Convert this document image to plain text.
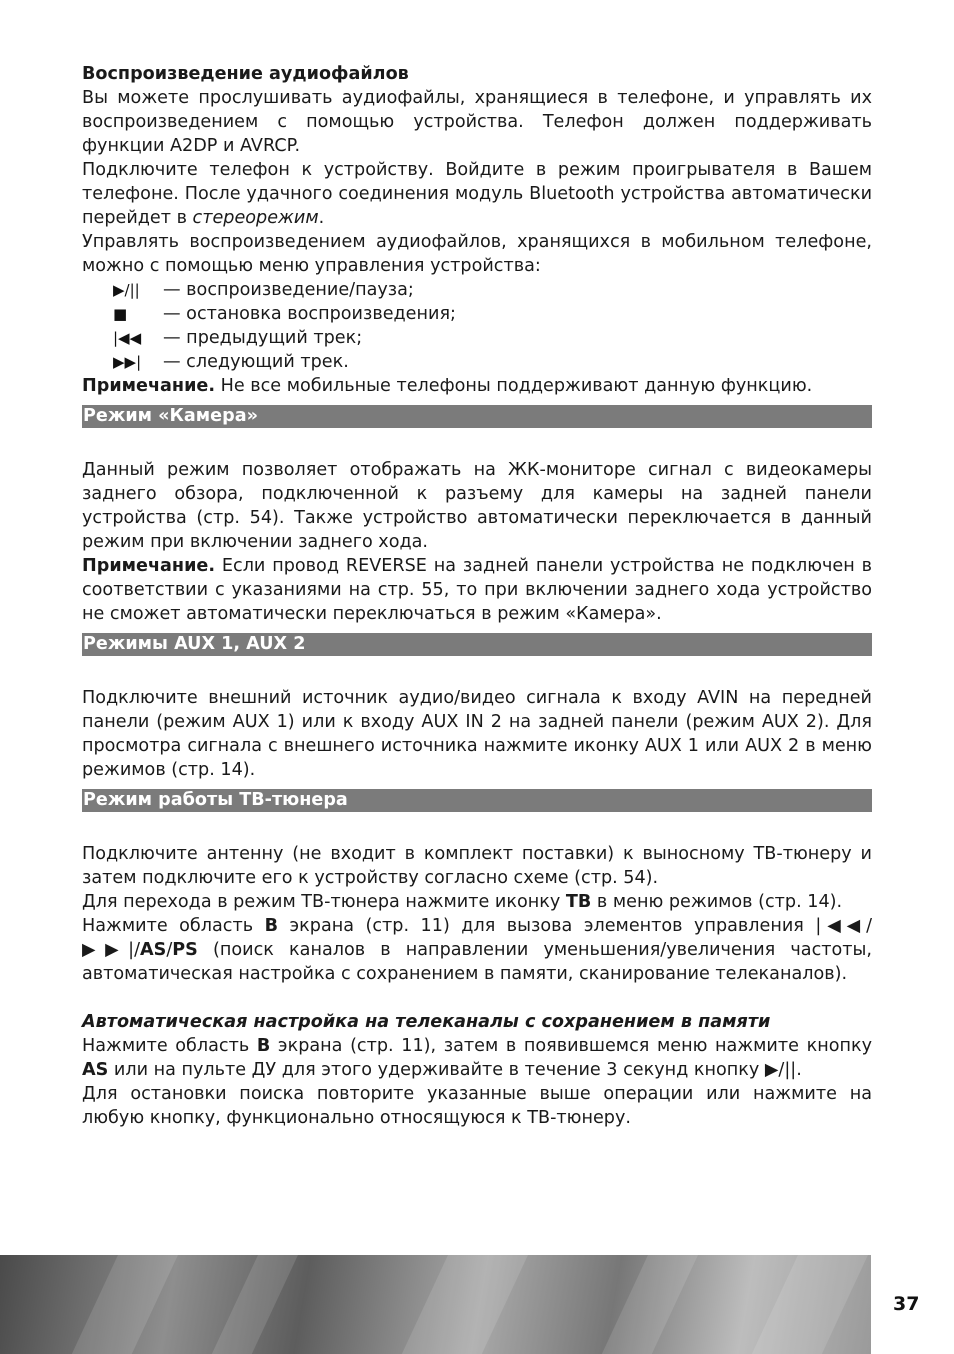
Воспроизведение аудиофайлов

Вы можете прослушивать аудиофайлы, хранящиеся в телефоне, и управлять их воспроизведением с помощью устройства. Телефон должен поддерживать функции A2DP и AVRCP.

Подключите телефон к устройству. Войдите в режим проигрывателя в Вашем телефоне. После удачного соединения модуль Bluetooth устройства автоматически перейдет в стереорежим.

Управлять воспроизведением аудиофайлов, хранящихся в мобильном телефоне, можно с помощью меню управления устройства:

▶/||	— воспроизведение/пауза;
■	— остановка воспроизведения;
|◀◀	— предыдущий трек;
▶▶|	— следующий трек.

Примечание. Не все мобильные телефоны поддерживают данную функцию.

Режим «Камера»

Данный режим позволяет отображать на ЖК-мониторе сигнал с видеокамеры заднего обзора, подключенной к разъему для камеры на задней панели устройства (стр. 54). Также устройство автоматически переключается в данный режим при включении заднего хода.

Примечание. Если провод REVERSE на задней панели устройства не подключен в соответствии с указаниями на стр. 55, то при включении заднего хода устройство не сможет автоматически переключаться в режим «Камера».

Режимы AUX 1, AUX 2

Подключите внешний источник аудио/видео сигнала к входу AVIN на передней панели (режим AUX 1) или к входу AUX IN 2 на задней панели (режим AUX 2). Для просмотра сигнала с внешнего источника нажмите иконку AUX 1 или AUX 2 в меню режимов (стр. 14).

Режим работы ТВ-тюнера

Подключите антенну (не входит в комплект поставки) к выносному ТВ-тюнеру и затем подключите его к устройству согласно схеме (стр. 54).

Для перехода в режим ТВ-тюнера нажмите иконку ТВ в меню режимов (стр. 14).

Нажмите область B экрана (стр. 11) для вызова элементов управления |◀◀/▶▶|/AS/PS (поиск каналов в направлении уменьшения/увеличения частоты, автоматическая настройка с сохранением в памяти, сканирование телеканалов).

Автоматическая настройка на телеканалы с сохранением в памяти

Нажмите область B экрана (стр. 11), затем в появившемся меню нажмите кнопку AS или на пульте ДУ для этого удерживайте в течение 3 секунд кнопку ▶/||.

Для остановки поиска повторите указанные выше операции или нажмите на любую кнопку, функционально относящуюся к ТВ-тюнеру.

37
